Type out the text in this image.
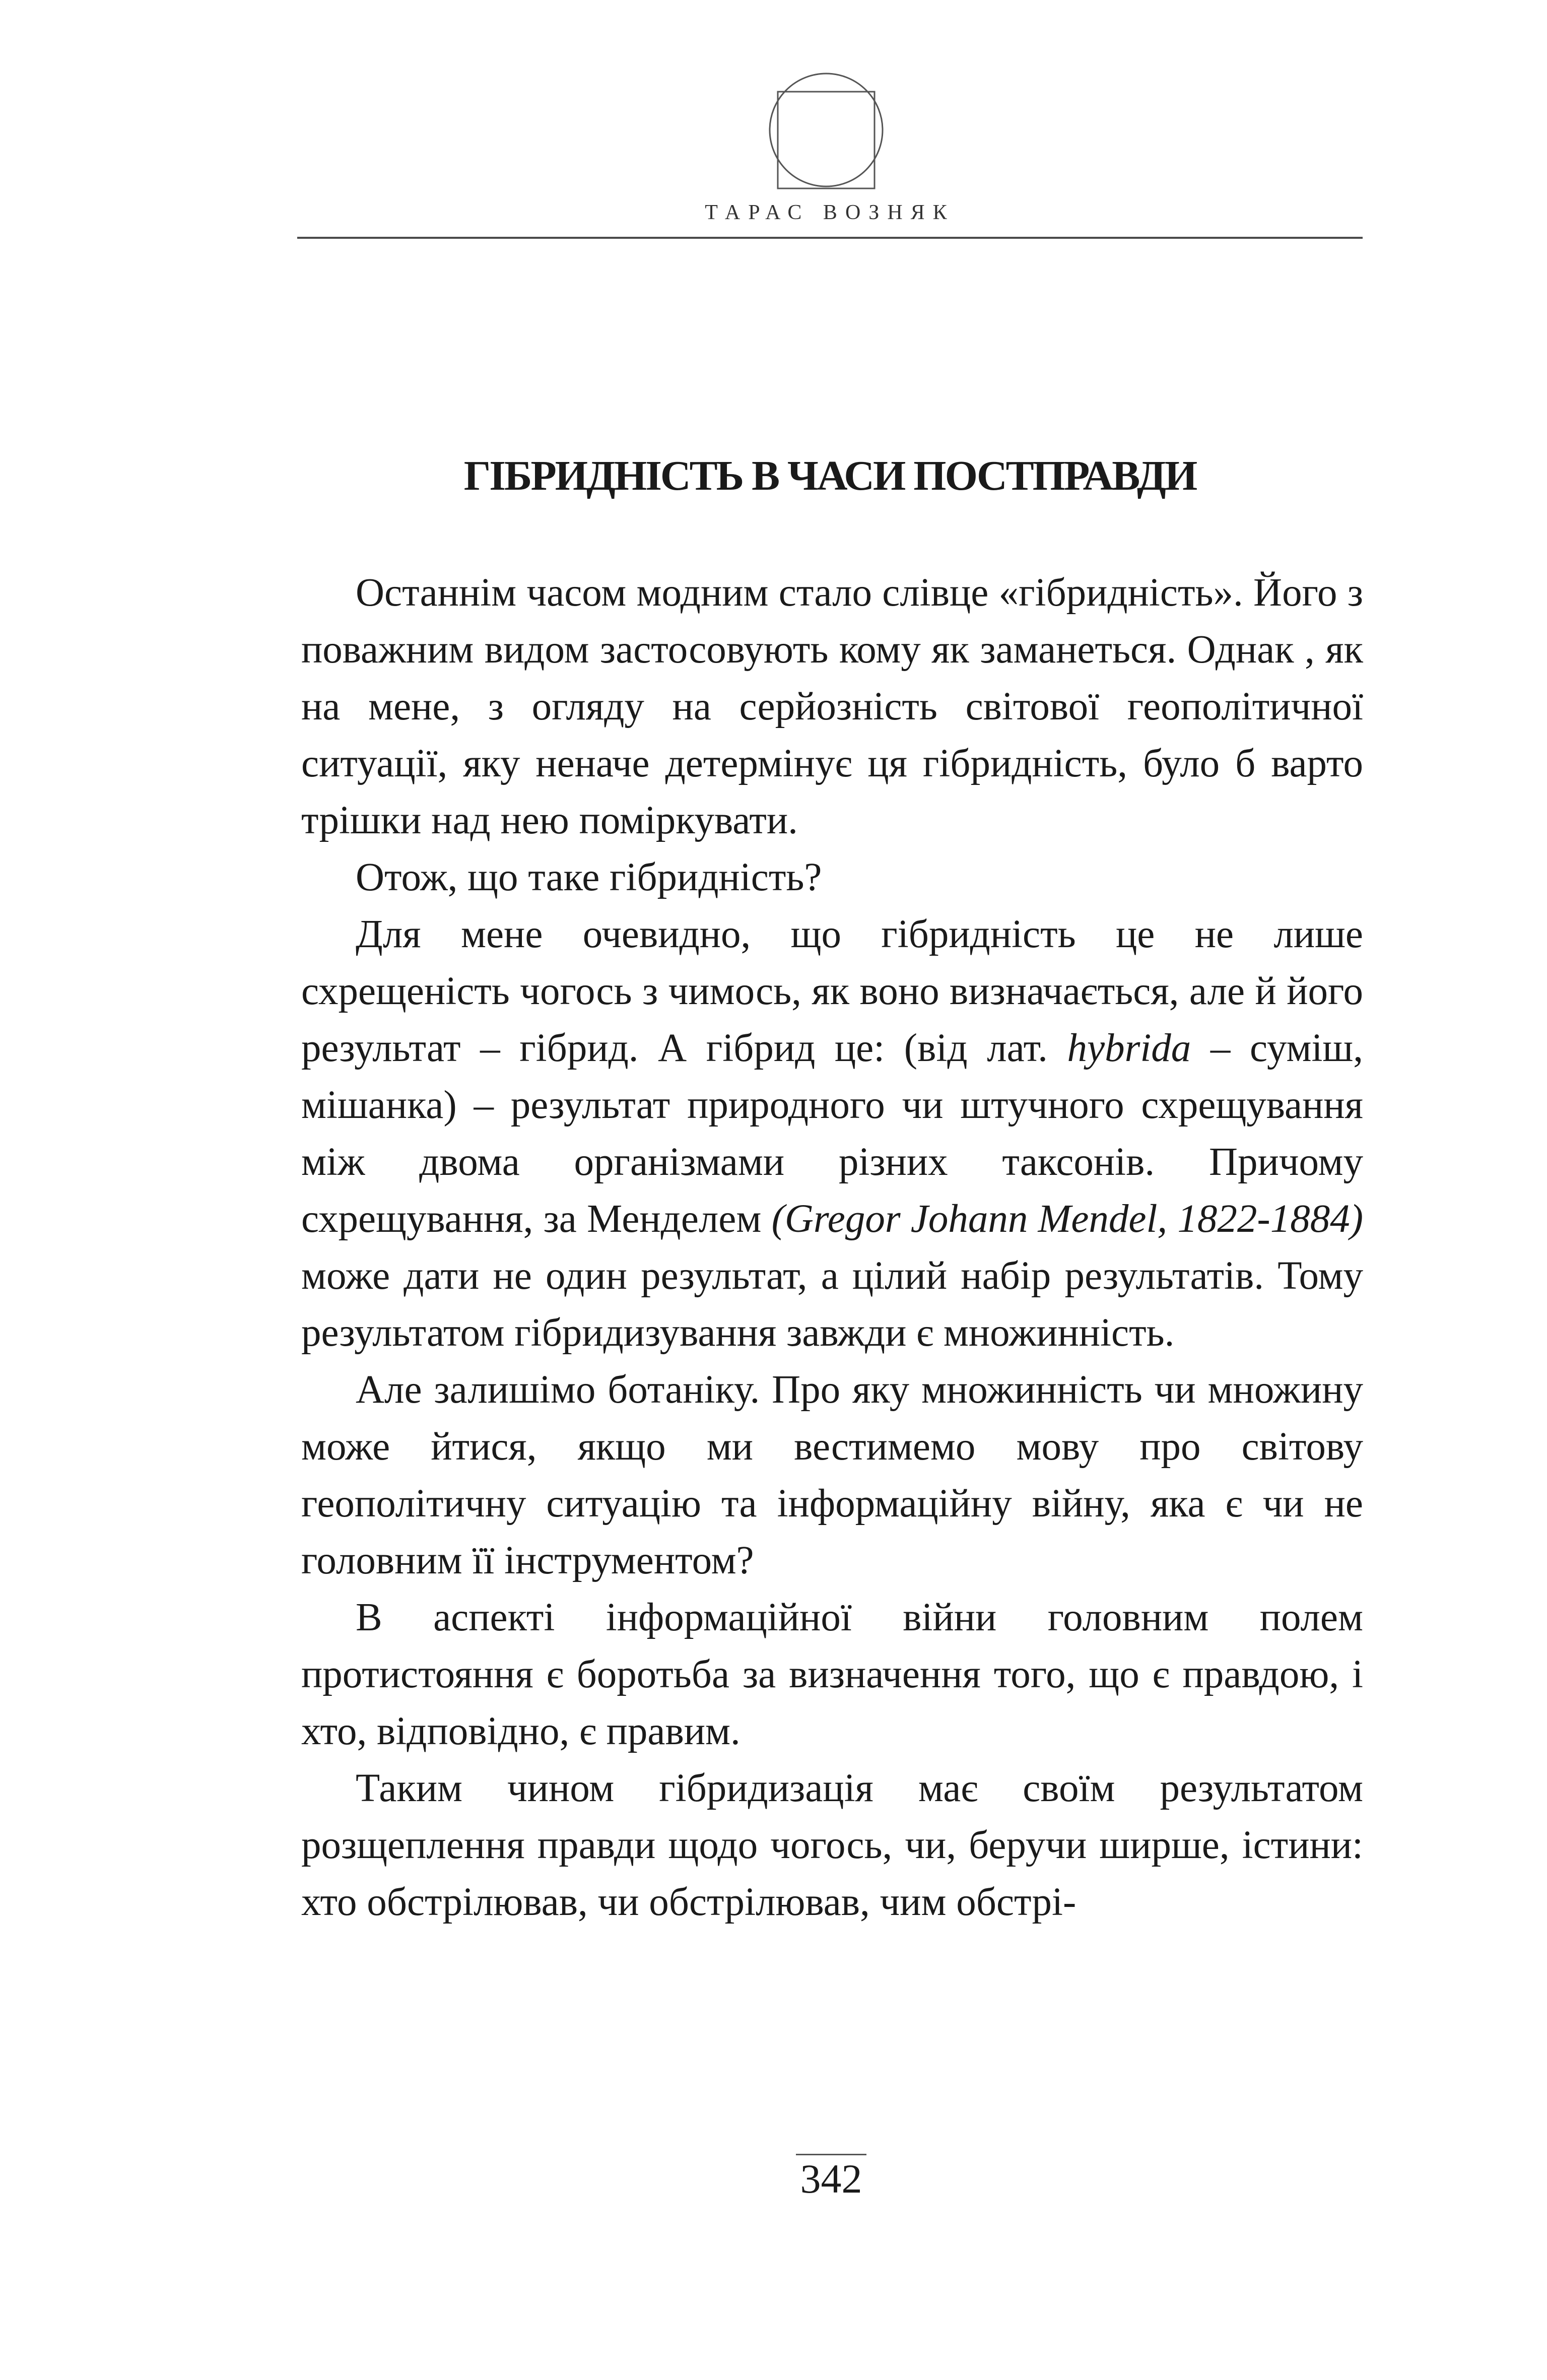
ТАРАС ВОЗНЯК
ГІБРИДНІСТЬ В ЧАСИ ПОСТПРАВДИ

Останнім часом модним стало слівце «гібридність». Його з поважним видом застосовують кому як заманеться. Однак , як на мене, з огляду на серйозність світової геополітичної ситуації, яку неначе детермінує ця гібридність, було б варто трішки над нею поміркувати.

Отож, що таке гібридність?

Для мене очевидно, що гібридність це не лише схрещеність чогось з чимось, як воно визначається, але й його результат – гібрид. А гібрид це: (від лат. hybrida – суміш, мішанка) – результат природного чи штучного схрещування між двома організмами різних таксонів. Причому схрещування, за Менделем (Gregor Johann Mendel, 1822-1884) може дати не один результат, а цілий набір результатів. Тому результатом гібридизування завжди є множинність.

Але залишімо ботаніку. Про яку множинність чи множину може йтися, якщо ми вестимемо мову про світову геополітичну ситуацію та інформаційну війну, яка є чи не головним її інструментом?

В аспекті інформаційної війни головним полем протистояння є боротьба за визначення того, що є правдою, і хто, відповідно, є правим.

Таким чином гібридизація має своїм результатом розщеплення правди щодо чогось, чи, беручи ширше, істини: хто обстрілював, чи обстрілював, чим обстрі-

342
